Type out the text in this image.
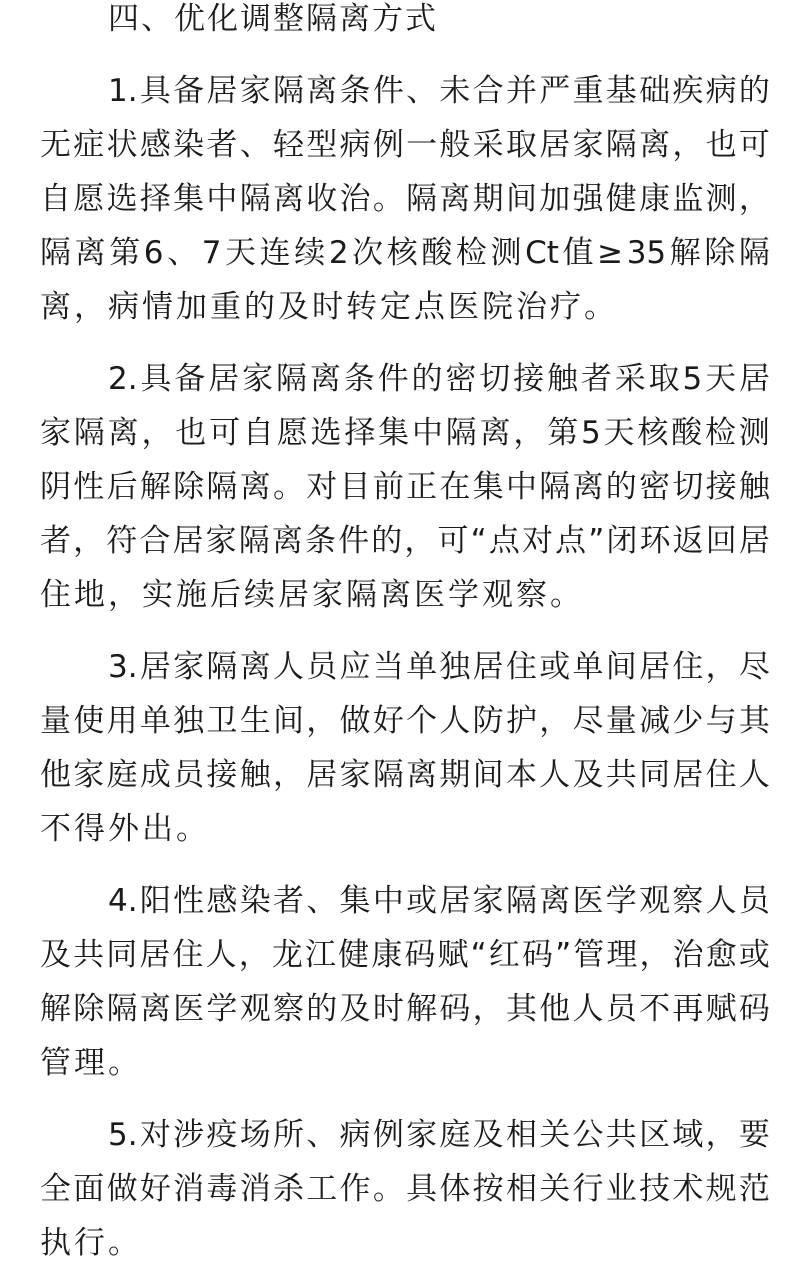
四、优化调整隔离方式
1. 具 备 居 家 隔 离 条 件 、 未 合 并 严 重 基 础 疾 病 的
无 症 状 感 染 者 、 轻 型 病 例 一 般 采 取 居 家 隔 离 ， 也 可
自 愿 选 择 集 中 隔 离 收 治 。 隔 离 期 间 加 强 健 康 监 测 ，
隔 离 第 6 、 7 天 连 续 2 次 核 酸 检 测 Ct 值 ≥ 35 解 除 隔
离，病情加重的及时转定点医院治疗。
2. 具 备 居 家 隔 离 条 件 的 密 切 接 触 者 采 取 5 天 居
家 隔 离 ， 也 可 自 愿 选 择 集 中 隔 离 ， 第 5 天 核 酸 检 测
阴 性 后 解 除 隔 离 。 对 目 前 正 在 集 中 隔 离 的 密 切 接 触
者 ， 符 合 居 家 隔 离 条 件 的 ， 可 “ 点 对 点 ” 闭 环 返 回 居
住地，实施后续居家隔离医学观察。
3. 居 家 隔 离 人 员 应 当 单 独 居 住 或 单 间 居 住 ， 尽
量 使 用 单 独 卫 生 间 ， 做 好 个 人 防 护 ， 尽 量 减 少 与 其
他 家 庭 成 员 接 触 ， 居 家 隔 离 期 间 本 人 及 共 同 居 住 人
不得外出。
4. 阳 性 感 染 者 、 集 中 或 居 家 隔 离 医 学 观 察 人 员
及 共 同 居 住 人 ， 龙 江 健 康 码 赋 “ 红 码 ” 管 理 ， 治 愈 或
解 除 隔 离 医 学 观 察 的 及 时 解 码 ， 其 他 人 员 不 再 赋 码
管理。
5. 对 涉 疫 场 所 、 病 例 家 庭 及 相 关 公 共 区 域 ， 要
全 面 做 好 消 毒 消 杀 工 作 。 具 体 按 相 关 行 业 技 术 规 范
执行。
